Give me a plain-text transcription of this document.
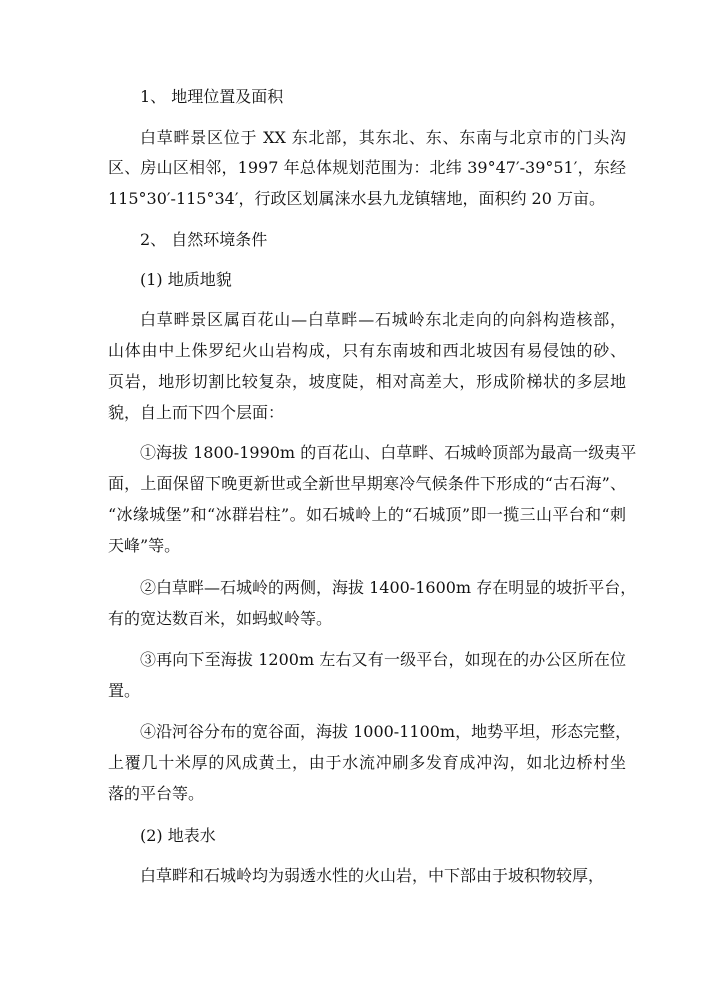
1、 地理位置及面积
白草畔景区位于 XX 东北部，其东北、东、东南与北京市的门头沟
区、房山区相邻，1997 年总体规划范围为：北纬 39°47′-39°51′，东经
115°30′-115°34′，行政区划属涞水县九龙镇辖地，面积约 20 万亩。
2、 自然环境条件
(1) 地质地貌
白草畔景区属百花山—白草畔—石城岭东北走向的向斜构造核部，
山体由中上侏罗纪火山岩构成，只有东南坡和西北坡因有易侵蚀的砂、
页岩，地形切割比较复杂，坡度陡，相对高差大，形成阶梯状的多层地
貌，自上而下四个层面：
①海拔 1800-1990m 的百花山、白草畔、石城岭顶部为最高一级夷平
面，上面保留下晚更新世或全新世早期寒冷气候条件下形成的“古石海”、
“冰缘城堡”和“冰群岩柱”。如石城岭上的“石城顶”即一揽三山平台和“刺
天峰”等。
②白草畔—石城岭的两侧，海拔 1400-1600m 存在明显的坡折平台，
有的宽达数百米，如蚂蚁岭等。
③再向下至海拔 1200m 左右又有一级平台，如现在的办公区所在位
置。
④沿河谷分布的宽谷面，海拔 1000-1100m，地势平坦，形态完整，
上覆几十米厚的风成黄土，由于水流冲刷多发育成冲沟，如北边桥村坐
落的平台等。
(2) 地表水
白草畔和石城岭均为弱透水性的火山岩，中下部由于坡积物较厚，
